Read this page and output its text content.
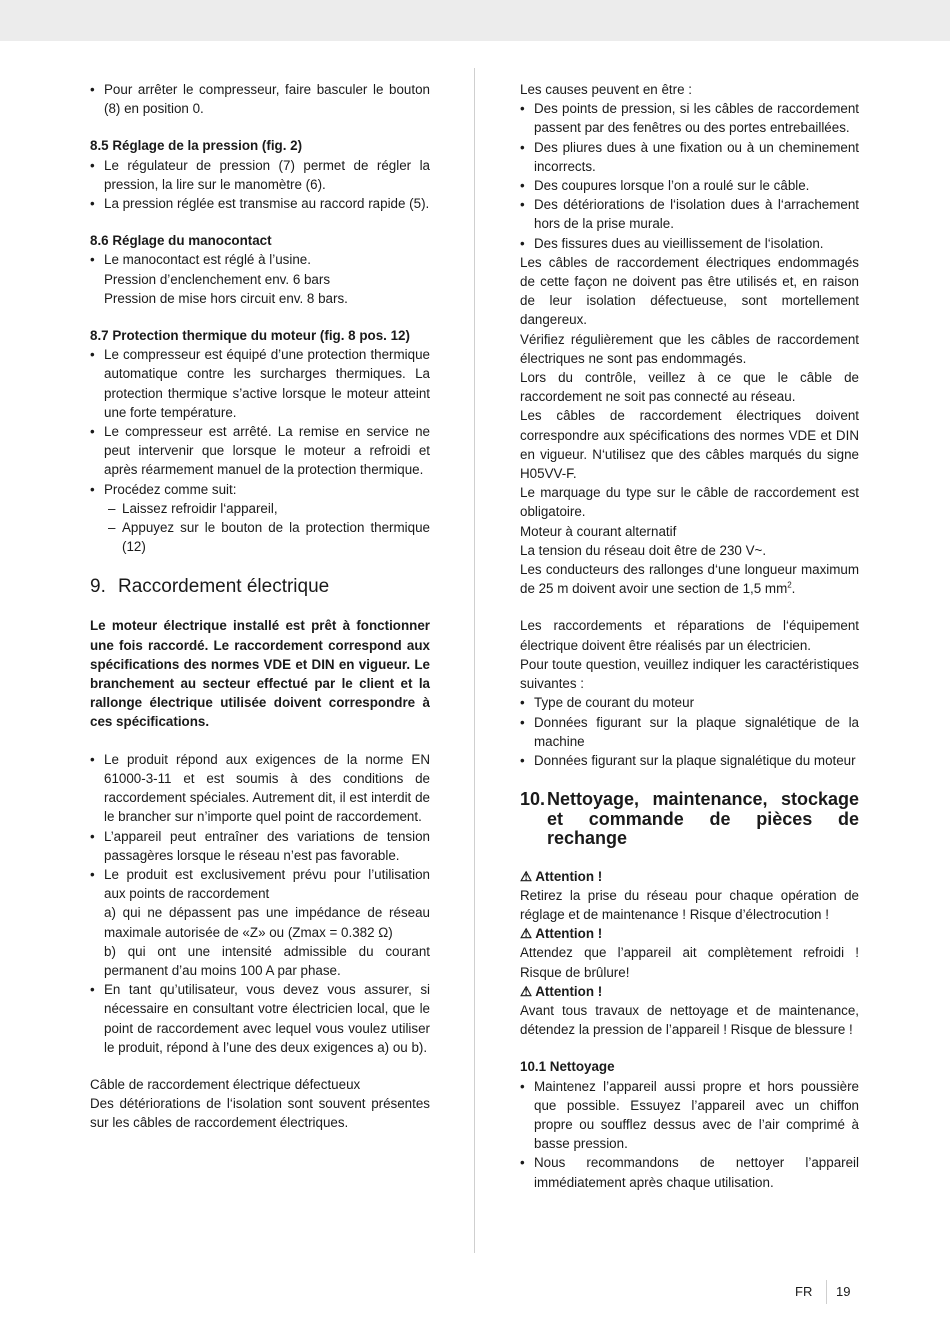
• Pour arrêter le compresseur, faire basculer le bouton (8) en position 0.

8.5 Réglage de la pression (fig. 2)

• Le régulateur de pression (7) permet de régler la pression, la lire sur le manomètre (6).

• La pression réglée est transmise au raccord rapide (5).

8.6 Réglage du manocontact

• Le manocontact est réglé à l’usine.

Pression d’enclenchement env. 6 bars

Pression de mise hors circuit env. 8 bars.

8.7 Protection thermique du moteur (fig. 8 pos. 12)

• Le compresseur est équipé d’une protection thermique automatique contre les surcharges thermiques. La protection thermique s’active lorsque le moteur atteint une forte température.

• Le compresseur est arrêté. La remise en service ne peut intervenir que lorsque le moteur a refroidi et après réarmement manuel de la protection thermique.

• Procédez comme suit:

– Laissez refroidir l‘appareil,

– Appuyez sur le bouton de la protection thermique (12)

9. Raccordement électrique

Le moteur électrique installé est prêt à fonctionner une fois raccordé. Le raccordement correspond aux spécifications des normes VDE et DIN en vigueur. Le branchement au secteur effectué par le client et la rallonge électrique utilisée doivent correspondre à ces spécifications.

• Le produit répond aux exigences de la norme EN 61000-3-11 et est soumis à des conditions de raccordement spéciales. Autrement dit, il est interdit de le brancher sur n’importe quel point de raccordement.

• L’appareil peut entraîner des variations de tension passagères lorsque le réseau n’est pas favorable.

• Le produit est exclusivement prévu pour l’utilisation aux points de raccordement

a) qui ne dépassent pas une impédance de réseau maximale autorisée de «Z» ou (Zmax = 0.382 Ω)

b) qui ont une intensité admissible du courant permanent d’au moins 100 A par phase.

• En tant qu’utilisateur, vous devez vous assurer, si nécessaire en consultant votre électricien local, que le point de raccordement avec lequel vous voulez utiliser le produit, répond à l’une des deux exigences a) ou b).

Câble de raccordement électrique défectueux

Des détériorations de l‘isolation sont souvent présentes sur les câbles de raccordement électriques.

Les causes peuvent en être :

• Des points de pression, si les câbles de raccordement passent par des fenêtres ou des portes entrebaillées.

• Des pliures dues à une fixation ou à un cheminement incorrects.

• Des coupures lorsque l’on a roulé sur le câble.

• Des détériorations de l‘isolation dues à l‘arrachement hors de la prise murale.

• Des fissures dues au vieillissement de l‘isolation.

Les câbles de raccordement électriques endommagés de cette façon ne doivent pas être utilisés et, en raison de leur isolation défectueuse, sont mortellement dangereux.

Vérifiez régulièrement que les câbles de raccordement électriques ne sont pas endommagés.

Lors du contrôle, veillez à ce que le câble de raccordement ne soit pas connecté au réseau.

Les câbles de raccordement électriques doivent correspondre aux spécifications des normes VDE et DIN en vigueur. N‘utilisez que des câbles marqués du signe H05VV-F.

Le marquage du type sur le câble de raccordement est obligatoire.

Moteur à courant alternatif

La tension du réseau doit être de 230 V~.

Les conducteurs des rallonges d‘une longueur maximum de 25 m doivent avoir une section de 1,5 $mm^2$.

Les raccordements et réparations de l‘équipement électrique doivent être réalisés par un électricien.

Pour toute question, veuillez indiquer les caractéristiques suivantes :

• Type de courant du moteur

• Données figurant sur la plaque signalétique de la machine

• Données figurant sur la plaque signalétique du moteur

10. Nettoyage, maintenance, stockage et commande de pièces de rechange

⚠ Attention !

Retirez la prise du réseau pour chaque opération de réglage et de maintenance ! Risque d’électrocution !

⚠ Attention !

Attendez que l’appareil ait complètement refroidi ! Risque de brûlure!

⚠ Attention !

Avant tous travaux de nettoyage et de maintenance, détendez la pression de l’appareil ! Risque de blessure !

10.1 Nettoyage

• Maintenez l’appareil aussi propre et hors poussière que possible. Essuyez l’appareil avec un chiffon propre ou soufflez dessus avec de l’air comprimé à basse pression.

• Nous recommandons de nettoyer l’appareil immédiatement après chaque utilisation.

FR 19
